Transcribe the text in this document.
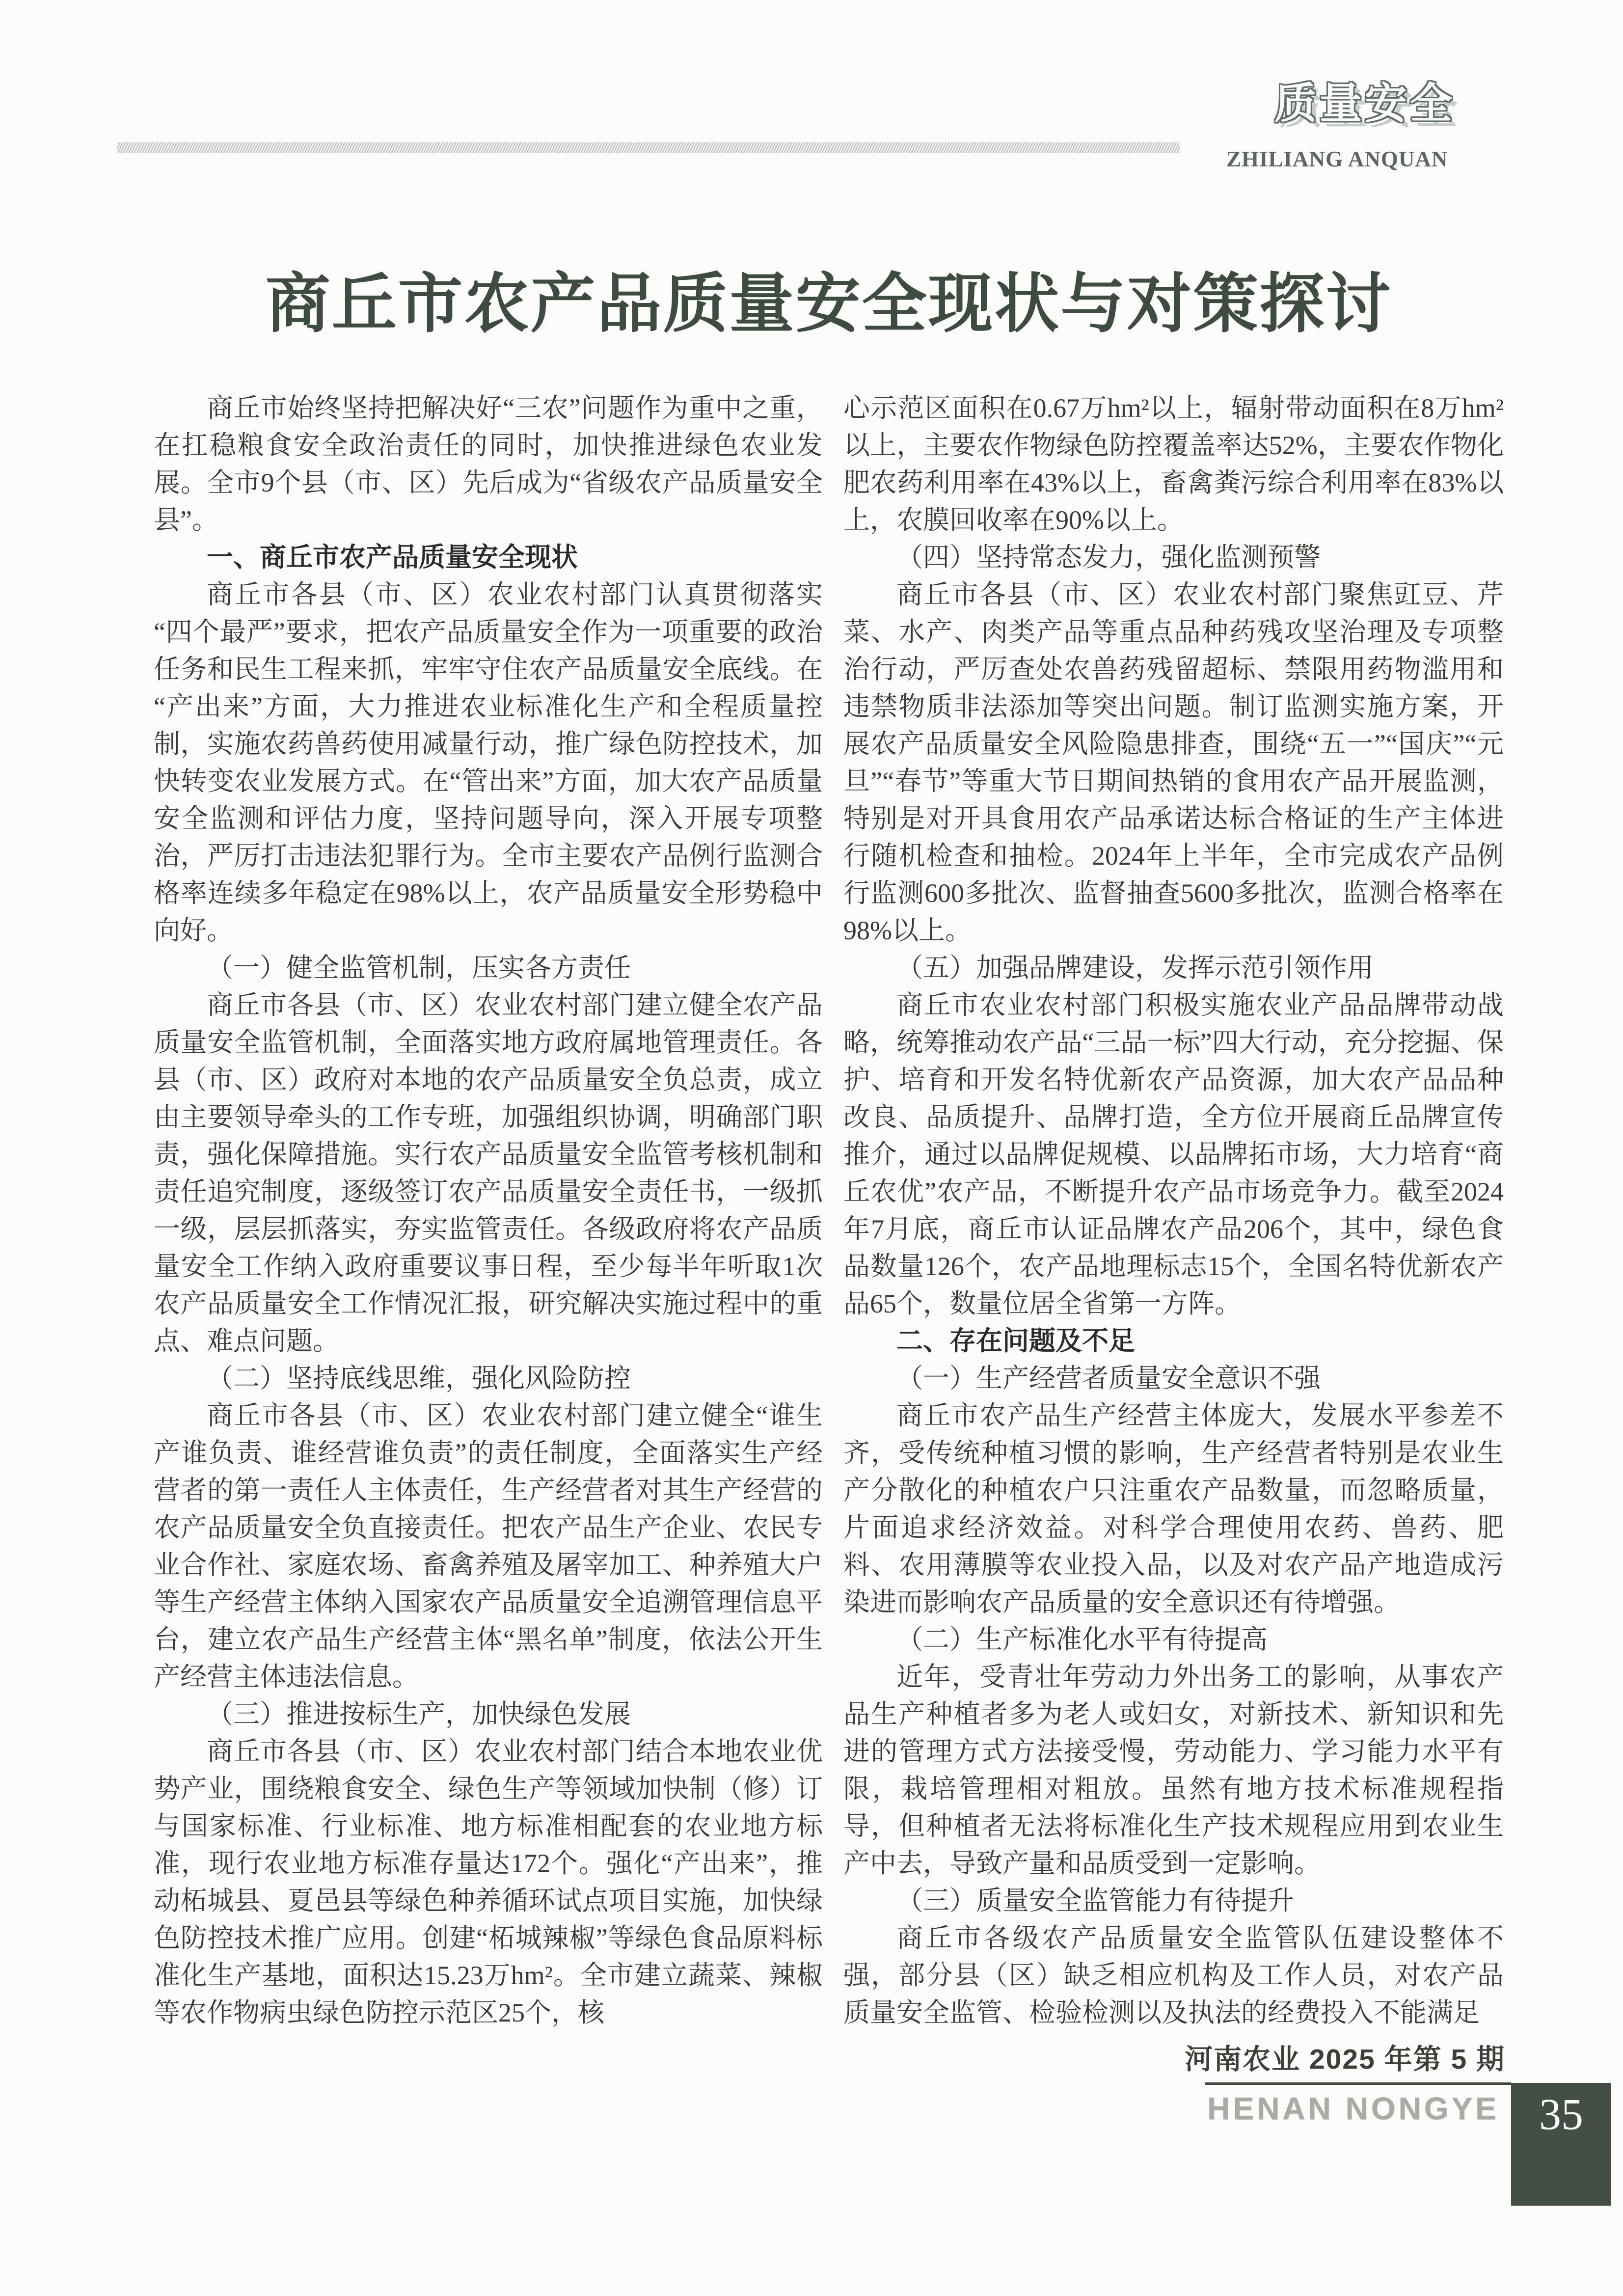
质量安全
ZHILIANG ANQUAN
商丘市农产品质量安全现状与对策探讨

商丘市始终坚持把解决好“三农”问题作为重中之重，在扛稳粮食安全政治责任的同时，加快推进绿色农业发展。全市9个县（市、区）先后成为“省级农产品质量安全县”。

一、商丘市农产品质量安全现状

商丘市各县（市、区）农业农村部门认真贯彻落实“四个最严”要求，把农产品质量安全作为一项重要的政治任务和民生工程来抓，牢牢守住农产品质量安全底线。在“产出来”方面，大力推进农业标准化生产和全程质量控制，实施农药兽药使用减量行动，推广绿色防控技术，加快转变农业发展方式。在“管出来”方面，加大农产品质量安全监测和评估力度，坚持问题导向，深入开展专项整治，严厉打击违法犯罪行为。全市主要农产品例行监测合格率连续多年稳定在98%以上，农产品质量安全形势稳中向好。

（一）健全监管机制，压实各方责任

商丘市各县（市、区）农业农村部门建立健全农产品质量安全监管机制，全面落实地方政府属地管理责任。各县（市、区）政府对本地的农产品质量安全负总责，成立由主要领导牵头的工作专班，加强组织协调，明确部门职责，强化保障措施。实行农产品质量安全监管考核机制和责任追究制度，逐级签订农产品质量安全责任书，一级抓一级，层层抓落实，夯实监管责任。各级政府将农产品质量安全工作纳入政府重要议事日程，至少每半年听取1次农产品质量安全工作情况汇报，研究解决实施过程中的重点、难点问题。

（二）坚持底线思维，强化风险防控

商丘市各县（市、区）农业农村部门建立健全“谁生产谁负责、谁经营谁负责”的责任制度，全面落实生产经营者的第一责任人主体责任，生产经营者对其生产经营的农产品质量安全负直接责任。把农产品生产企业、农民专业合作社、家庭农场、畜禽养殖及屠宰加工、种养殖大户等生产经营主体纳入国家农产品质量安全追溯管理信息平台，建立农产品生产经营主体“黑名单”制度，依法公开生产经营主体违法信息。

（三）推进按标生产，加快绿色发展

商丘市各县（市、区）农业农村部门结合本地农业优势产业，围绕粮食安全、绿色生产等领域加快制（修）订与国家标准、行业标准、地方标准相配套的农业地方标准，现行农业地方标准存量达172个。强化“产出来”，推动柘城县、夏邑县等绿色种养循环试点项目实施，加快绿色防控技术推广应用。创建“柘城辣椒”等绿色食品原料标准化生产基地，面积达15.23万hm²。全市建立蔬菜、辣椒等农作物病虫绿色防控示范区25个，核

心示范区面积在0.67万hm²以上，辐射带动面积在8万hm²以上，主要农作物绿色防控覆盖率达52%，主要农作物化肥农药利用率在43%以上，畜禽粪污综合利用率在83%以上，农膜回收率在90%以上。

（四）坚持常态发力，强化监测预警

商丘市各县（市、区）农业农村部门聚焦豇豆、芹菜、水产、肉类产品等重点品种药残攻坚治理及专项整治行动，严厉查处农兽药残留超标、禁限用药物滥用和违禁物质非法添加等突出问题。制订监测实施方案，开展农产品质量安全风险隐患排查，围绕“五一”“国庆”“元旦”“春节”等重大节日期间热销的食用农产品开展监测，特别是对开具食用农产品承诺达标合格证的生产主体进行随机检查和抽检。2024年上半年，全市完成农产品例行监测600多批次、监督抽查5600多批次，监测合格率在98%以上。

（五）加强品牌建设，发挥示范引领作用

商丘市农业农村部门积极实施农业产品品牌带动战略，统筹推动农产品“三品一标”四大行动，充分挖掘、保护、培育和开发名特优新农产品资源，加大农产品品种改良、品质提升、品牌打造，全方位开展商丘品牌宣传推介，通过以品牌促规模、以品牌拓市场，大力培育“商丘农优”农产品，不断提升农产品市场竞争力。截至2024年7月底，商丘市认证品牌农产品206个，其中，绿色食品数量126个，农产品地理标志15个，全国名特优新农产品65个，数量位居全省第一方阵。

二、存在问题及不足

（一）生产经营者质量安全意识不强

商丘市农产品生产经营主体庞大，发展水平参差不齐，受传统种植习惯的影响，生产经营者特别是农业生产分散化的种植农户只注重农产品数量，而忽略质量，片面追求经济效益。对科学合理使用农药、兽药、肥料、农用薄膜等农业投入品，以及对农产品产地造成污染进而影响农产品质量的安全意识还有待增强。

（二）生产标准化水平有待提高

近年，受青壮年劳动力外出务工的影响，从事农产品生产种植者多为老人或妇女，对新技术、新知识和先进的管理方式方法接受慢，劳动能力、学习能力水平有限，栽培管理相对粗放。虽然有地方技术标准规程指导，但种植者无法将标准化生产技术规程应用到农业生产中去，导致产量和品质受到一定影响。

（三）质量安全监管能力有待提升

商丘市各级农产品质量安全监管队伍建设整体不强，部分县（区）缺乏相应机构及工作人员，对农产品质量安全监管、检验检测以及执法的经费投入不能满足

河南农业 2025 年第 5 期
HENAN NONGYE 35
